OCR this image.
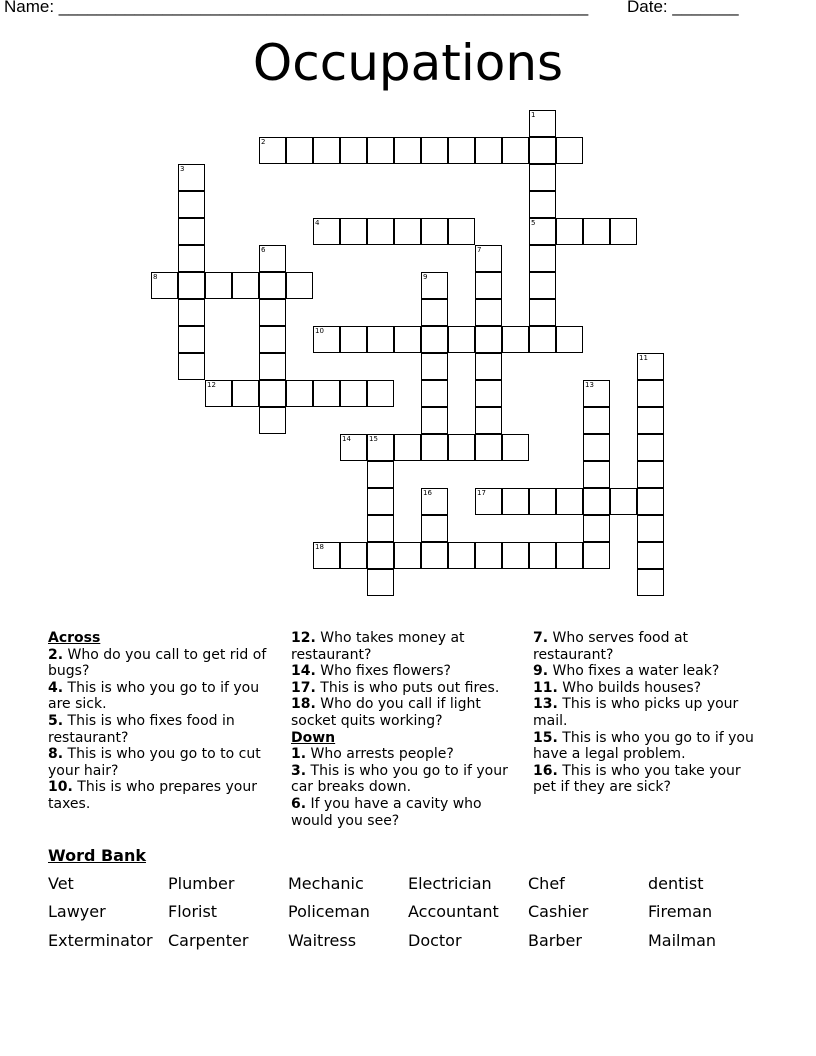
Name: ________________________________________________________ Date: _______
Occupations
1
5
2
3
4
6	7
8	9
10
11
12	13
14	15
16	17
18
Across
2. Who do you call to get rid of bugs?
4. This is who you go to if you are sick.
5. This is who fixes food in restaurant?
8. This is who you go to to cut your hair?
10. This is who prepares your taxes.
12. Who takes money at restaurant?
14. Who fixes flowers?
17. This is who puts out fires.
18. Who do you call if light socket quits working?
Down
1. Who arrests people?
3. This is who you go to if your car breaks down.
6. If you have a cavity who would you see?
7. Who serves food at restaurant?
9. Who fixes a water leak?
11. Who builds houses?
13. This is who picks up your mail.
15. This is who you go to if you have a legal problem.
16. This is who you take your pet if they are sick?
Word Bank
Vet	Plumber	Mechanic	Electrician Chef	dentist
Lawyer	Florist	Policeman Accountant Cashier	Fireman
Exterminator Carpenter Waitress	Doctor	Barber	Mailman
